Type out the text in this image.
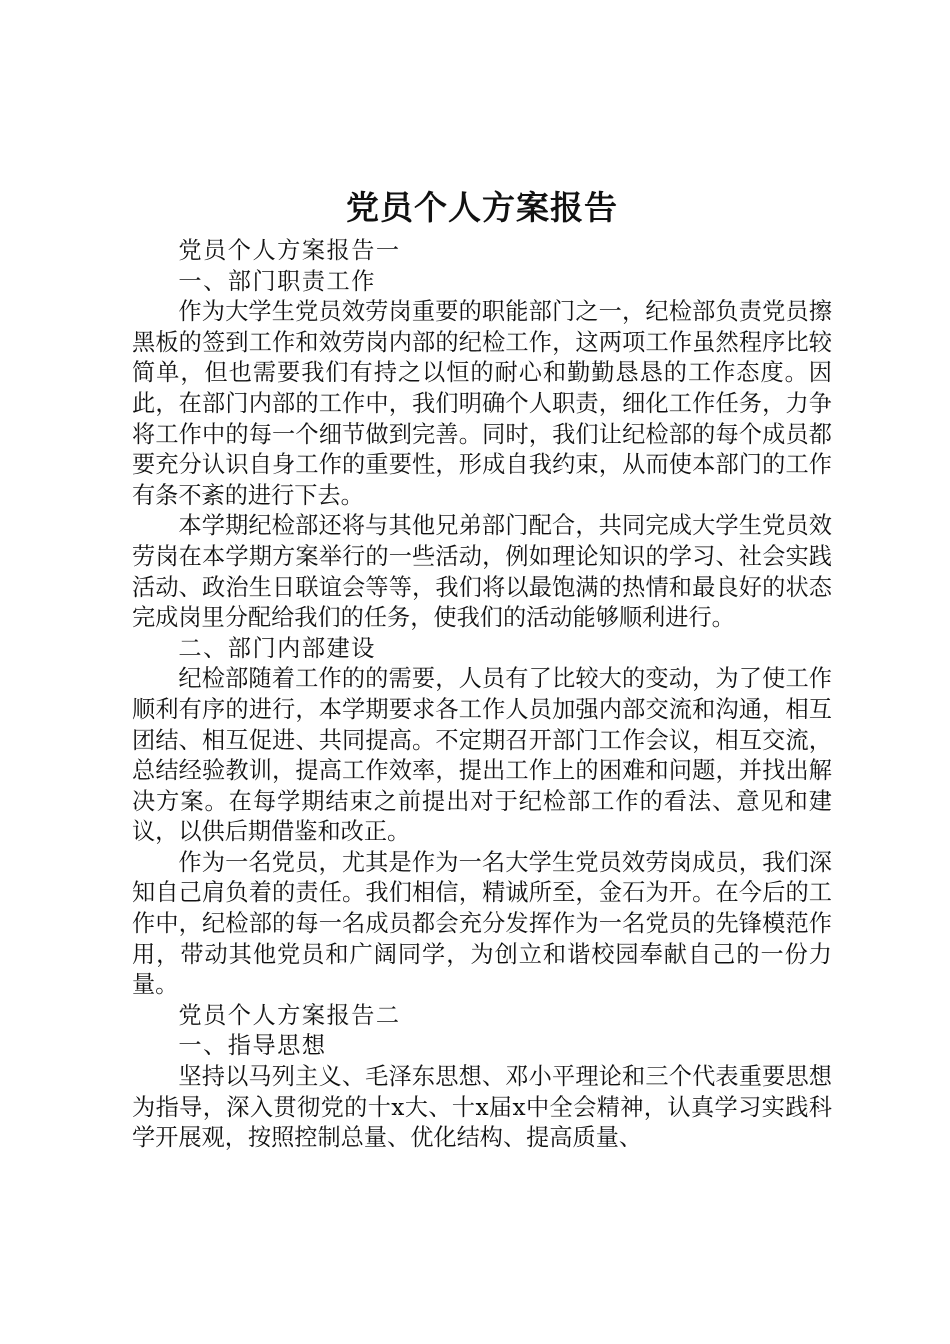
党员个人方案报告

党员个人方案报告一

一、部门职责工作

作为大学生党员效劳岗重要的职能部门之一，纪检部负责党员擦黑板的签到工作和效劳岗内部的纪检工作，这两项工作虽然程序比较简单，但也需要我们有持之以恒的耐心和勤勤恳恳的工作态度。因此，在部门内部的工作中，我们明确个人职责，细化工作任务，力争将工作中的每一个细节做到完善。同时，我们让纪检部的每个成员都要充分认识自身工作的重要性，形成自我约束，从而使本部门的工作有条不紊的进行下去。

本学期纪检部还将与其他兄弟部门配合，共同完成大学生党员效劳岗在本学期方案举行的一些活动，例如理论知识的学习、社会实践活动、政治生日联谊会等等，我们将以最饱满的热情和最良好的状态完成岗里分配给我们的任务，使我们的活动能够顺利进行。

二、部门内部建设

纪检部随着工作的的需要，人员有了比较大的变动，为了使工作顺利有序的进行，本学期要求各工作人员加强内部交流和沟通，相互团结、相互促进、共同提高。不定期召开部门工作会议，相互交流，总结经验教训，提高工作效率，提出工作上的困难和问题，并找出解决方案。在每学期结束之前提出对于纪检部工作的看法、意见和建议，以供后期借鉴和改正。

作为一名党员，尤其是作为一名大学生党员效劳岗成员，我们深知自己肩负着的责任。我们相信，精诚所至，金石为开。在今后的工作中，纪检部的每一名成员都会充分发挥作为一名党员的先锋模范作用，带动其他党员和广阔同学，为创立和谐校园奉献自己的一份力量。

党员个人方案报告二

一、指导思想

坚持以马列主义、毛泽东思想、邓小平理论和三个代表重要思想为指导，深入贯彻党的十x大、十x届x中全会精神，认真学习实践科学开展观，按照控制总量、优化结构、提高质量、
